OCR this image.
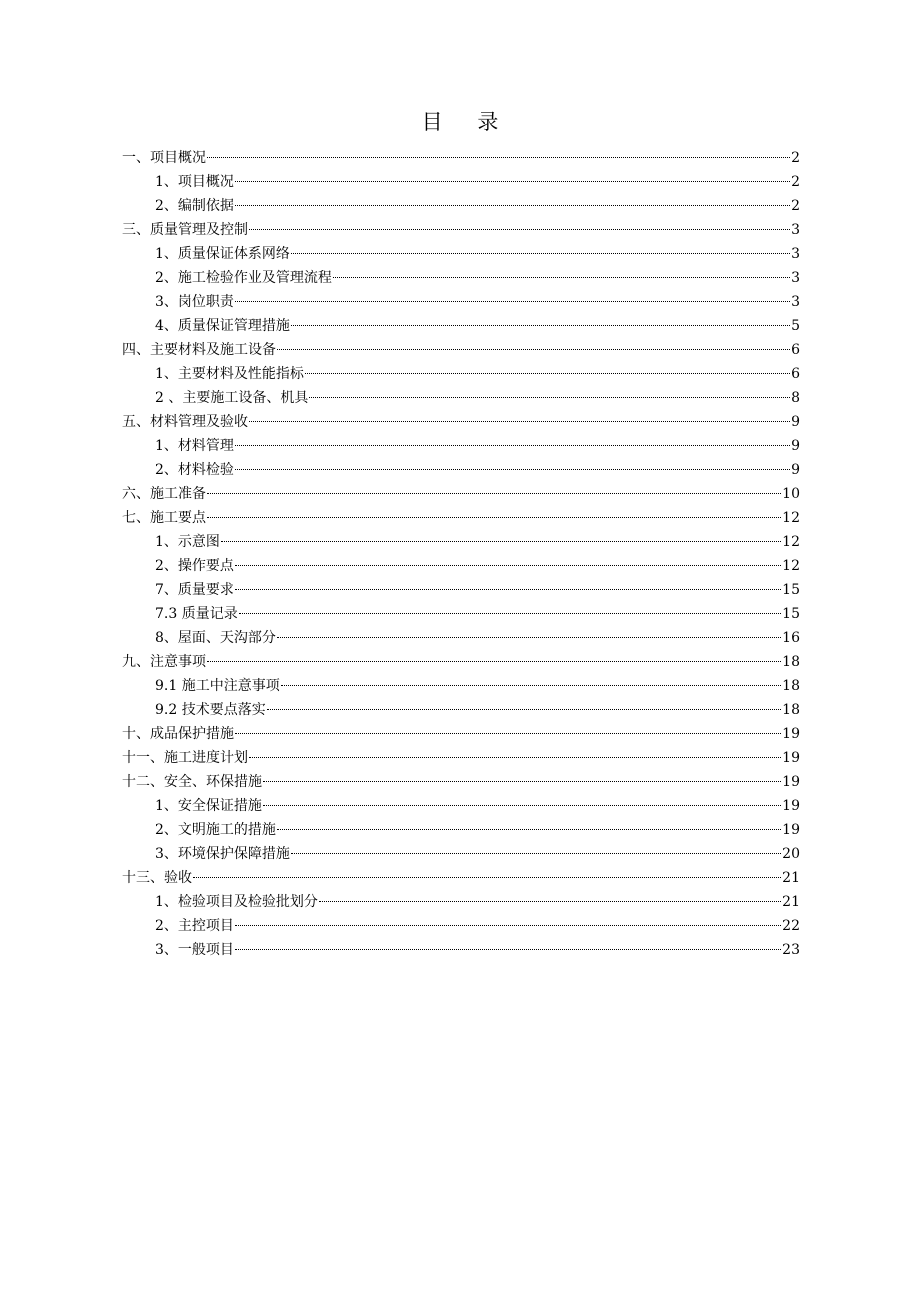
目 录
一、项目概况	2
1、项目概况	2
2、编制依据	2
三、质量管理及控制	3
1、质量保证体系网络	3
2、施工检验作业及管理流程	3
3、岗位职责	3
4、质量保证管理措施	5
四、主要材料及施工设备	6
1、主要材料及性能指标	6
2 、主要施工设备、机具	8
五、材料管理及验收	9
1、材料管理	9
2、材料检验	9
六、施工准备	10
七、施工要点	12
1、示意图	12
2、操作要点	12
7、质量要求	15
7.3 质量记录	15
8、屋面、天沟部分	16
九、注意事项	18
9.1 施工中注意事项	18
9.2 技术要点落实	18
十、成品保护措施	19
十一、施工进度计划	19
十二、安全、环保措施	19
1、安全保证措施	19
2、文明施工的措施	19
3、环境保护保障措施	20
十三、验收	21
1、检验项目及检验批划分	21
2、主控项目	22
3、一般项目	23
